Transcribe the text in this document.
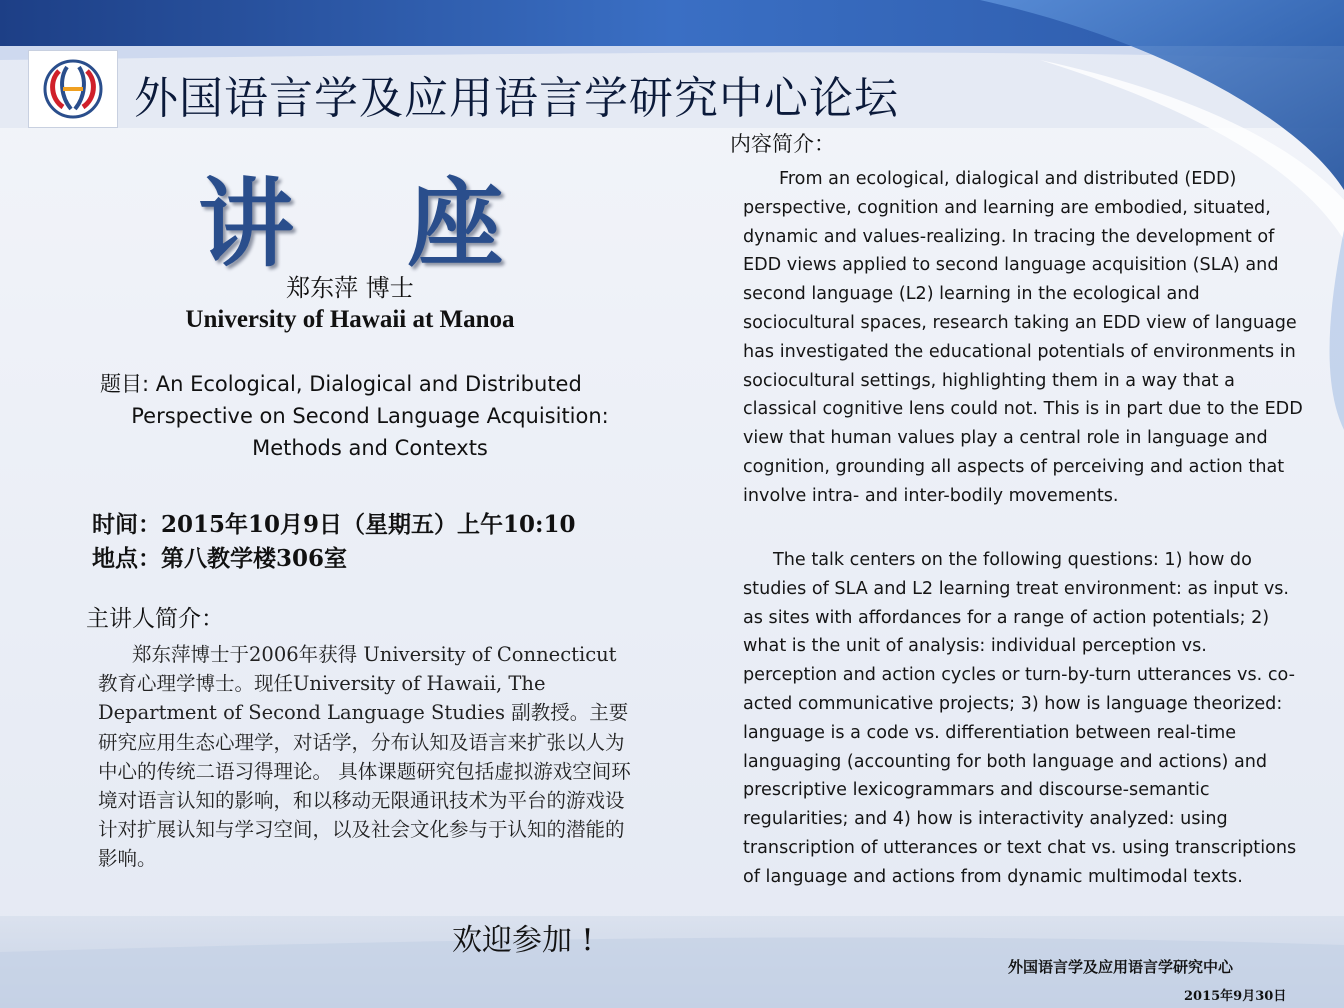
外国语言学及应用语言学研究中心论坛
讲 座
郑东萍 博士
University of Hawaii at Manoa
题目: An Ecological, Dialogical and Distributed
Perspective on Second Language Acquisition:
Methods and Contexts
时间：2015年10月9日（星期五）上午10:10
地点：第八教学楼306室
主讲人简介：
郑东萍博士于2006年获得 University of Connecticut 教育心理学博士。现任University of Hawaii, The Department of Second Language Studies 副教授。主要研究应用生态心理学，对话学，分布认知及语言来扩张以人为中心的传统二语习得理论。 具体课题研究包括虚拟游戏空间环境对语言认知的影响，和以移动无限通讯技术为平台的游戏设计对扩展认知与学习空间，以及社会文化参与于认知的潜能的影响。
欢迎参加 !
内容简介：
From an ecological, dialogical and distributed (EDD) perspective, cognition and learning are embodied, situated, dynamic and values-realizing. In tracing the development of EDD views applied to second language acquisition (SLA) and second language (L2) learning in the ecological and sociocultural spaces, research taking an EDD view of language has investigated the educational potentials of environments in sociocultural settings, highlighting them in a way that a classical cognitive lens could not. This is in part due to the EDD view that human values play a central role in language and cognition, grounding all aspects of perceiving and action that involve intra- and inter-bodily movements.
The talk centers on the following questions: 1) how do studies of SLA and L2 learning treat environment: as input vs. as sites with affordances for a range of action potentials; 2) what is the unit of analysis: individual perception vs. perception and action cycles or turn-by-turn utterances vs. co-acted communicative projects; 3) how is language theorized: language is a code vs. differentiation between real-time languaging (accounting for both language and actions) and prescriptive lexicogrammars and discourse-semantic regularities; and 4) how is interactivity analyzed: using transcription of utterances or text chat vs. using transcriptions of language and actions from dynamic multimodal texts.
外国语言学及应用语言学研究中心
2015年9月30日
